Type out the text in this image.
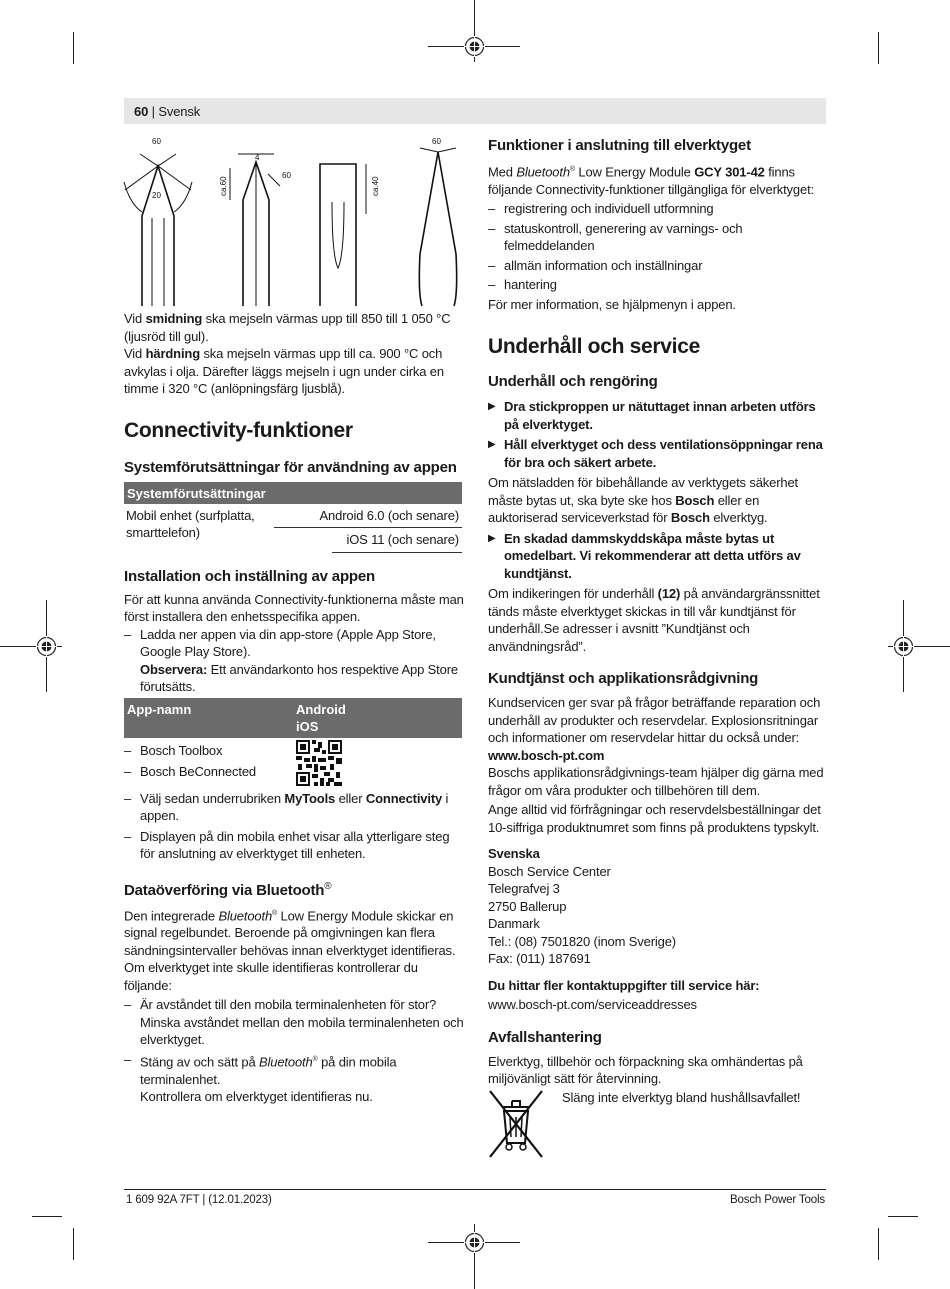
60 | Svensk
60
20
4
ca.60
60
ca.40
60

Vid smidning ska mejseln värmas upp till 850 till 1 050 °C (ljusröd till gul).

Vid härdning ska mejseln värmas upp till ca. 900 °C och avkylas i olja. Därefter läggs mejseln i ugn under cirka en timme i 320 °C (anlöpningsfärg ljusblå).

Connectivity-funktioner
Systemförutsättningar för användning av appen
Systemförutsättningar
Mobil enhet (surfplatta, smarttelefon)
Android 6.0 (och senare)
iOS 11 (och senare)
Installation och inställning av appen

För att kunna använda Connectivity-funktionerna måste man först installera den enhetsspecifika appen.

– Ladda ner appen via din app-store (Apple App Store, Google Play Store).
Observera: Ett användarkonto hos respektive App Store förutsätts.
App-namn	Android
iOS
– Bosch Toolbox
– Bosch BeConnected
– Välj sedan underrubriken MyTools eller Connectivity i appen.
– Displayen på din mobila enhet visar alla ytterligare steg för anslutning av elverktyget till enheten.
Dataöverföring via Bluetooth®

Den integrerade Bluetooth® Low Energy Module skickar en signal regelbundet. Beroende på omgivningen kan flera sändningsintervaller behövas innan elverktyget identifieras. Om elverktyget inte skulle identifieras kontrollerar du följande:

– Är avståndet till den mobila terminalenheten för stor? Minska avståndet mellan den mobila terminalenheten och elverktyget.
– Stäng av och sätt på Bluetooth® på din mobila terminalenhet.
Kontrollera om elverktyget identifieras nu.
Funktioner i anslutning till elverktyget

Med Bluetooth® Low Energy Module GCY 301-42 finns följande Connectivity-funktioner tillgängliga för elverktyget:

– registrering och individuell utformning
– statuskontroll, generering av varnings- och felmeddelanden
– allmän information och inställningar
– hantering

För mer information, se hjälpmenyn i appen.

Underhåll och service
Underhåll och rengöring
▶ Dra stickproppen ur nätuttaget innan arbeten utförs på elverktyget.
▶ Håll elverktyget och dess ventilationsöppningar rena för bra och säkert arbete.

Om nätsladden för bibehållande av verktygets säkerhet måste bytas ut, ska byte ske hos Bosch eller en auktoriserad serviceverkstad för Bosch elverktyg.

▶ En skadad dammskyddskåpa måste bytas ut omedelbart. Vi rekommenderar att detta utförs av kundtjänst.

Om indikeringen för underhåll (12) på användargränssnittet tänds måste elverktyget skickas in till vår kundtjänst för underhåll.Se adresser i avsnitt ”Kundtjänst och användningsråd”.

Kundtjänst och applikationsrådgivning

Kundservicen ger svar på frågor beträffande reparation och underhåll av produkter och reservdelar. Explosionsritningar och informationer om reservdelar hittar du också under:

www.bosch-pt.com

Boschs applikationsrådgivnings-team hjälper dig gärna med frågor om våra produkter och tillbehören till dem.

Ange alltid vid förfrågningar och reservdelsbeställningar det 10-siffriga produktnumret som finns på produktens typskylt.

Svenska

Bosch Service Center

Telegrafvej 3

2750 Ballerup

Danmark

Tel.: (08) 7501820 (inom Sverige)

Fax: (011) 187691

Du hittar fler kontaktuppgifter till service här:

www.bosch-pt.com/serviceaddresses

Avfallshantering

Elverktyg, tillbehör och förpackning ska omhändertas på miljövänligt sätt för återvinning.

Släng inte elverktyg bland hushållsavfallet!

1 609 92A 7FT | (12.01.2023)	Bosch Power Tools
